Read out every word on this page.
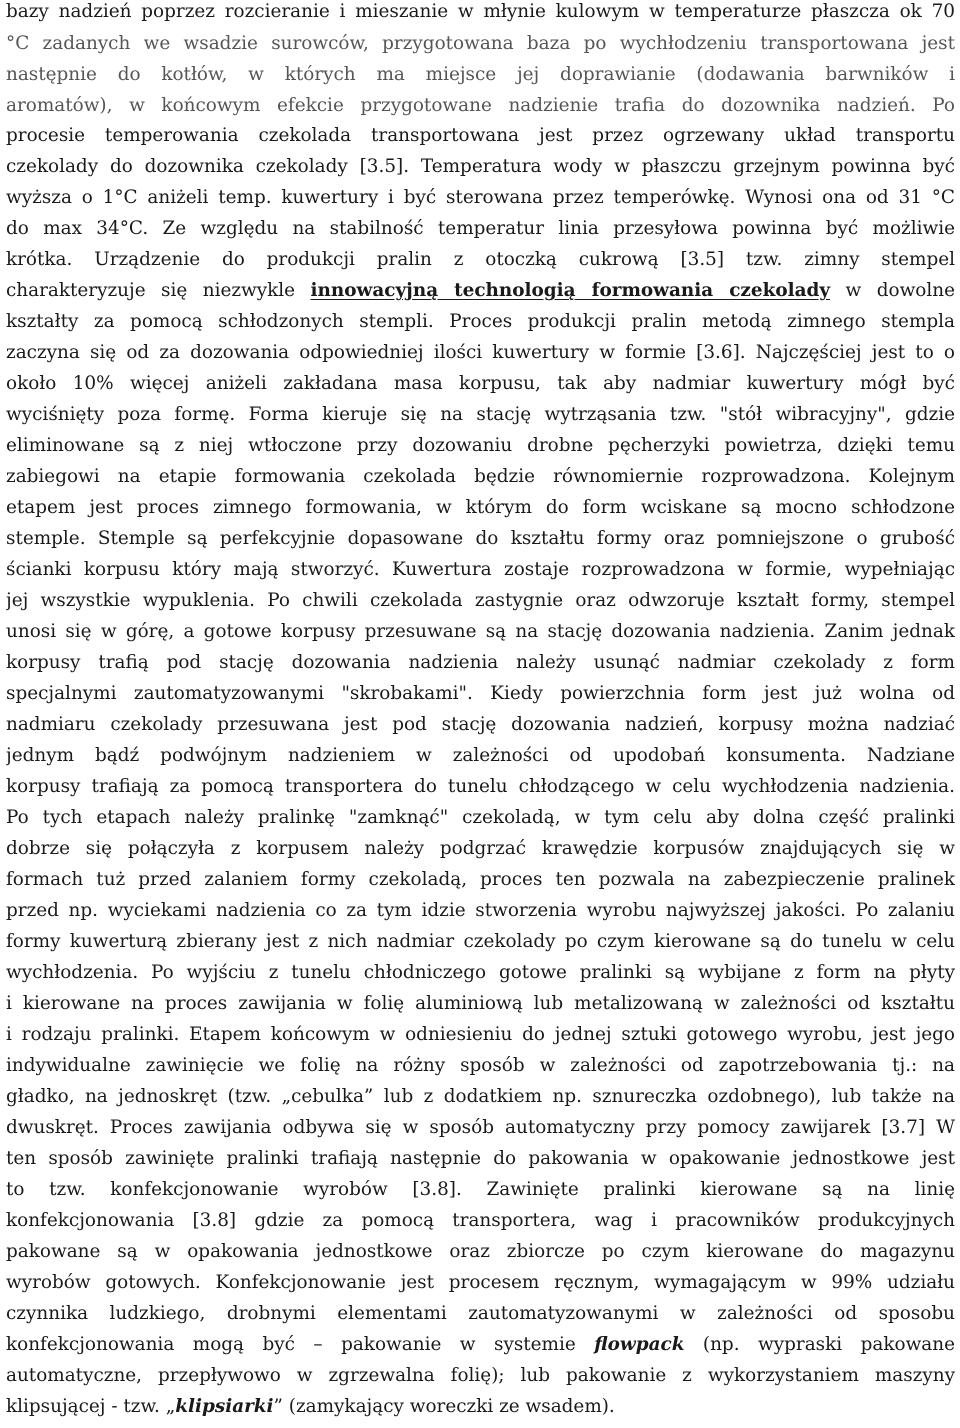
bazy nadzień poprzez rozcieranie i mieszanie w młynie kulowym w temperaturze płaszcza ok 70

°C zadanych we wsadzie surowców, przygotowana baza po wychłodzeniu transportowana jest

następnie do kotłów, w których ma miejsce jej doprawianie (dodawania barwników i

aromatów), w końcowym efekcie przygotowane nadzienie trafia do dozownika nadzień. Po

procesie temperowania czekolada transportowana jest przez ogrzewany układ transportu

czekolady do dozownika czekolady [3.5]. Temperatura wody w płaszczu grzejnym powinna być

wyższa o 1°C aniżeli temp. kuwertury i być sterowana przez temperówkę. Wynosi ona od 31 °C

do max 34°C. Ze względu na stabilność temperatur linia przesyłowa powinna być możliwie

krótka. Urządzenie do produkcji pralin z otoczką cukrową [3.5] tzw. zimny stempel

charakteryzuje się niezwykle innowacyjną technologią formowania czekolady w dowolne

kształty za pomocą schłodzonych stempli. Proces produkcji pralin metodą zimnego stempla

zaczyna się od za dozowania odpowiedniej ilości kuwertury w formie [3.6]. Najczęściej jest to o

około 10% więcej aniżeli zakładana masa korpusu, tak aby nadmiar kuwertury mógł być

wyciśnięty poza formę. Forma kieruje się na stację wytrząsania tzw. "stół wibracyjny", gdzie

eliminowane są z niej wtłoczone przy dozowaniu drobne pęcherzyki powietrza, dzięki temu

zabiegowi na etapie formowania czekolada będzie równomiernie rozprowadzona. Kolejnym

etapem jest proces zimnego formowania, w którym do form wciskane są mocno schłodzone

stemple. Stemple są perfekcyjnie dopasowane do kształtu formy oraz pomniejszone o grubość

ścianki korpusu który mają stworzyć. Kuwertura zostaje rozprowadzona w formie, wypełniając

jej wszystkie wypuklenia. Po chwili czekolada zastygnie oraz odwzoruje kształt formy, stempel

unosi się w górę, a gotowe korpusy przesuwane są na stację dozowania nadzienia. Zanim jednak

korpusy trafią pod stację dozowania nadzienia należy usunąć nadmiar czekolady z form

specjalnymi zautomatyzowanymi "skrobakami". Kiedy powierzchnia form jest już wolna od

nadmiaru czekolady przesuwana jest pod stację dozowania nadzień, korpusy można nadziać

jednym bądź podwójnym nadzieniem w zależności od upodobań konsumenta. Nadziane

korpusy trafiają za pomocą transportera do tunelu chłodzącego w celu wychłodzenia nadzienia.

Po tych etapach należy pralinkę "zamknąć" czekoladą, w tym celu aby dolna część pralinki

dobrze się połączyła z korpusem należy podgrzać krawędzie korpusów znajdujących się w

formach tuż przed zalaniem formy czekoladą, proces ten pozwala na zabezpieczenie pralinek

przed np. wyciekami nadzienia co za tym idzie stworzenia wyrobu najwyższej jakości. Po zalaniu

formy kuwerturą zbierany jest z nich nadmiar czekolady po czym kierowane są do tunelu w celu

wychłodzenia. Po wyjściu z tunelu chłodniczego gotowe pralinki są wybijane z form na płyty

i kierowane na proces zawijania w folię aluminiową lub metalizowaną w zależności od kształtu

i rodzaju pralinki. Etapem końcowym w odniesieniu do jednej sztuki gotowego wyrobu, jest jego

indywidualne zawinięcie we folię na różny sposób w zależności od zapotrzebowania tj.: na

gładko, na jednoskręt (tzw. „cebulka” lub z dodatkiem np. sznureczka ozdobnego), lub także na

dwuskręt. Proces zawijania odbywa się w sposób automatyczny przy pomocy zawijarek [3.7] W

ten sposób zawinięte pralinki trafiają następnie do pakowania w opakowanie jednostkowe jest

to tzw. konfekcjonowanie wyrobów [3.8]. Zawinięte pralinki kierowane są na linię

konfekcjonowania [3.8] gdzie za pomocą transportera, wag i pracowników produkcyjnych

pakowane są w opakowania jednostkowe oraz zbiorcze po czym kierowane do magazynu

wyrobów gotowych. Konfekcjonowanie jest procesem ręcznym, wymagającym w 99% udziału

czynnika ludzkiego, drobnymi elementami zautomatyzowanymi w zależności od sposobu

konfekcjonowania mogą być – pakowanie w systemie flowpack (np. wypraski pakowane

automatyczne, przepływowo w zgrzewalna folię); lub pakowanie z wykorzystaniem maszyny

klipsującej - tzw. „klipsiarki” (zamykający woreczki ze wsadem).
